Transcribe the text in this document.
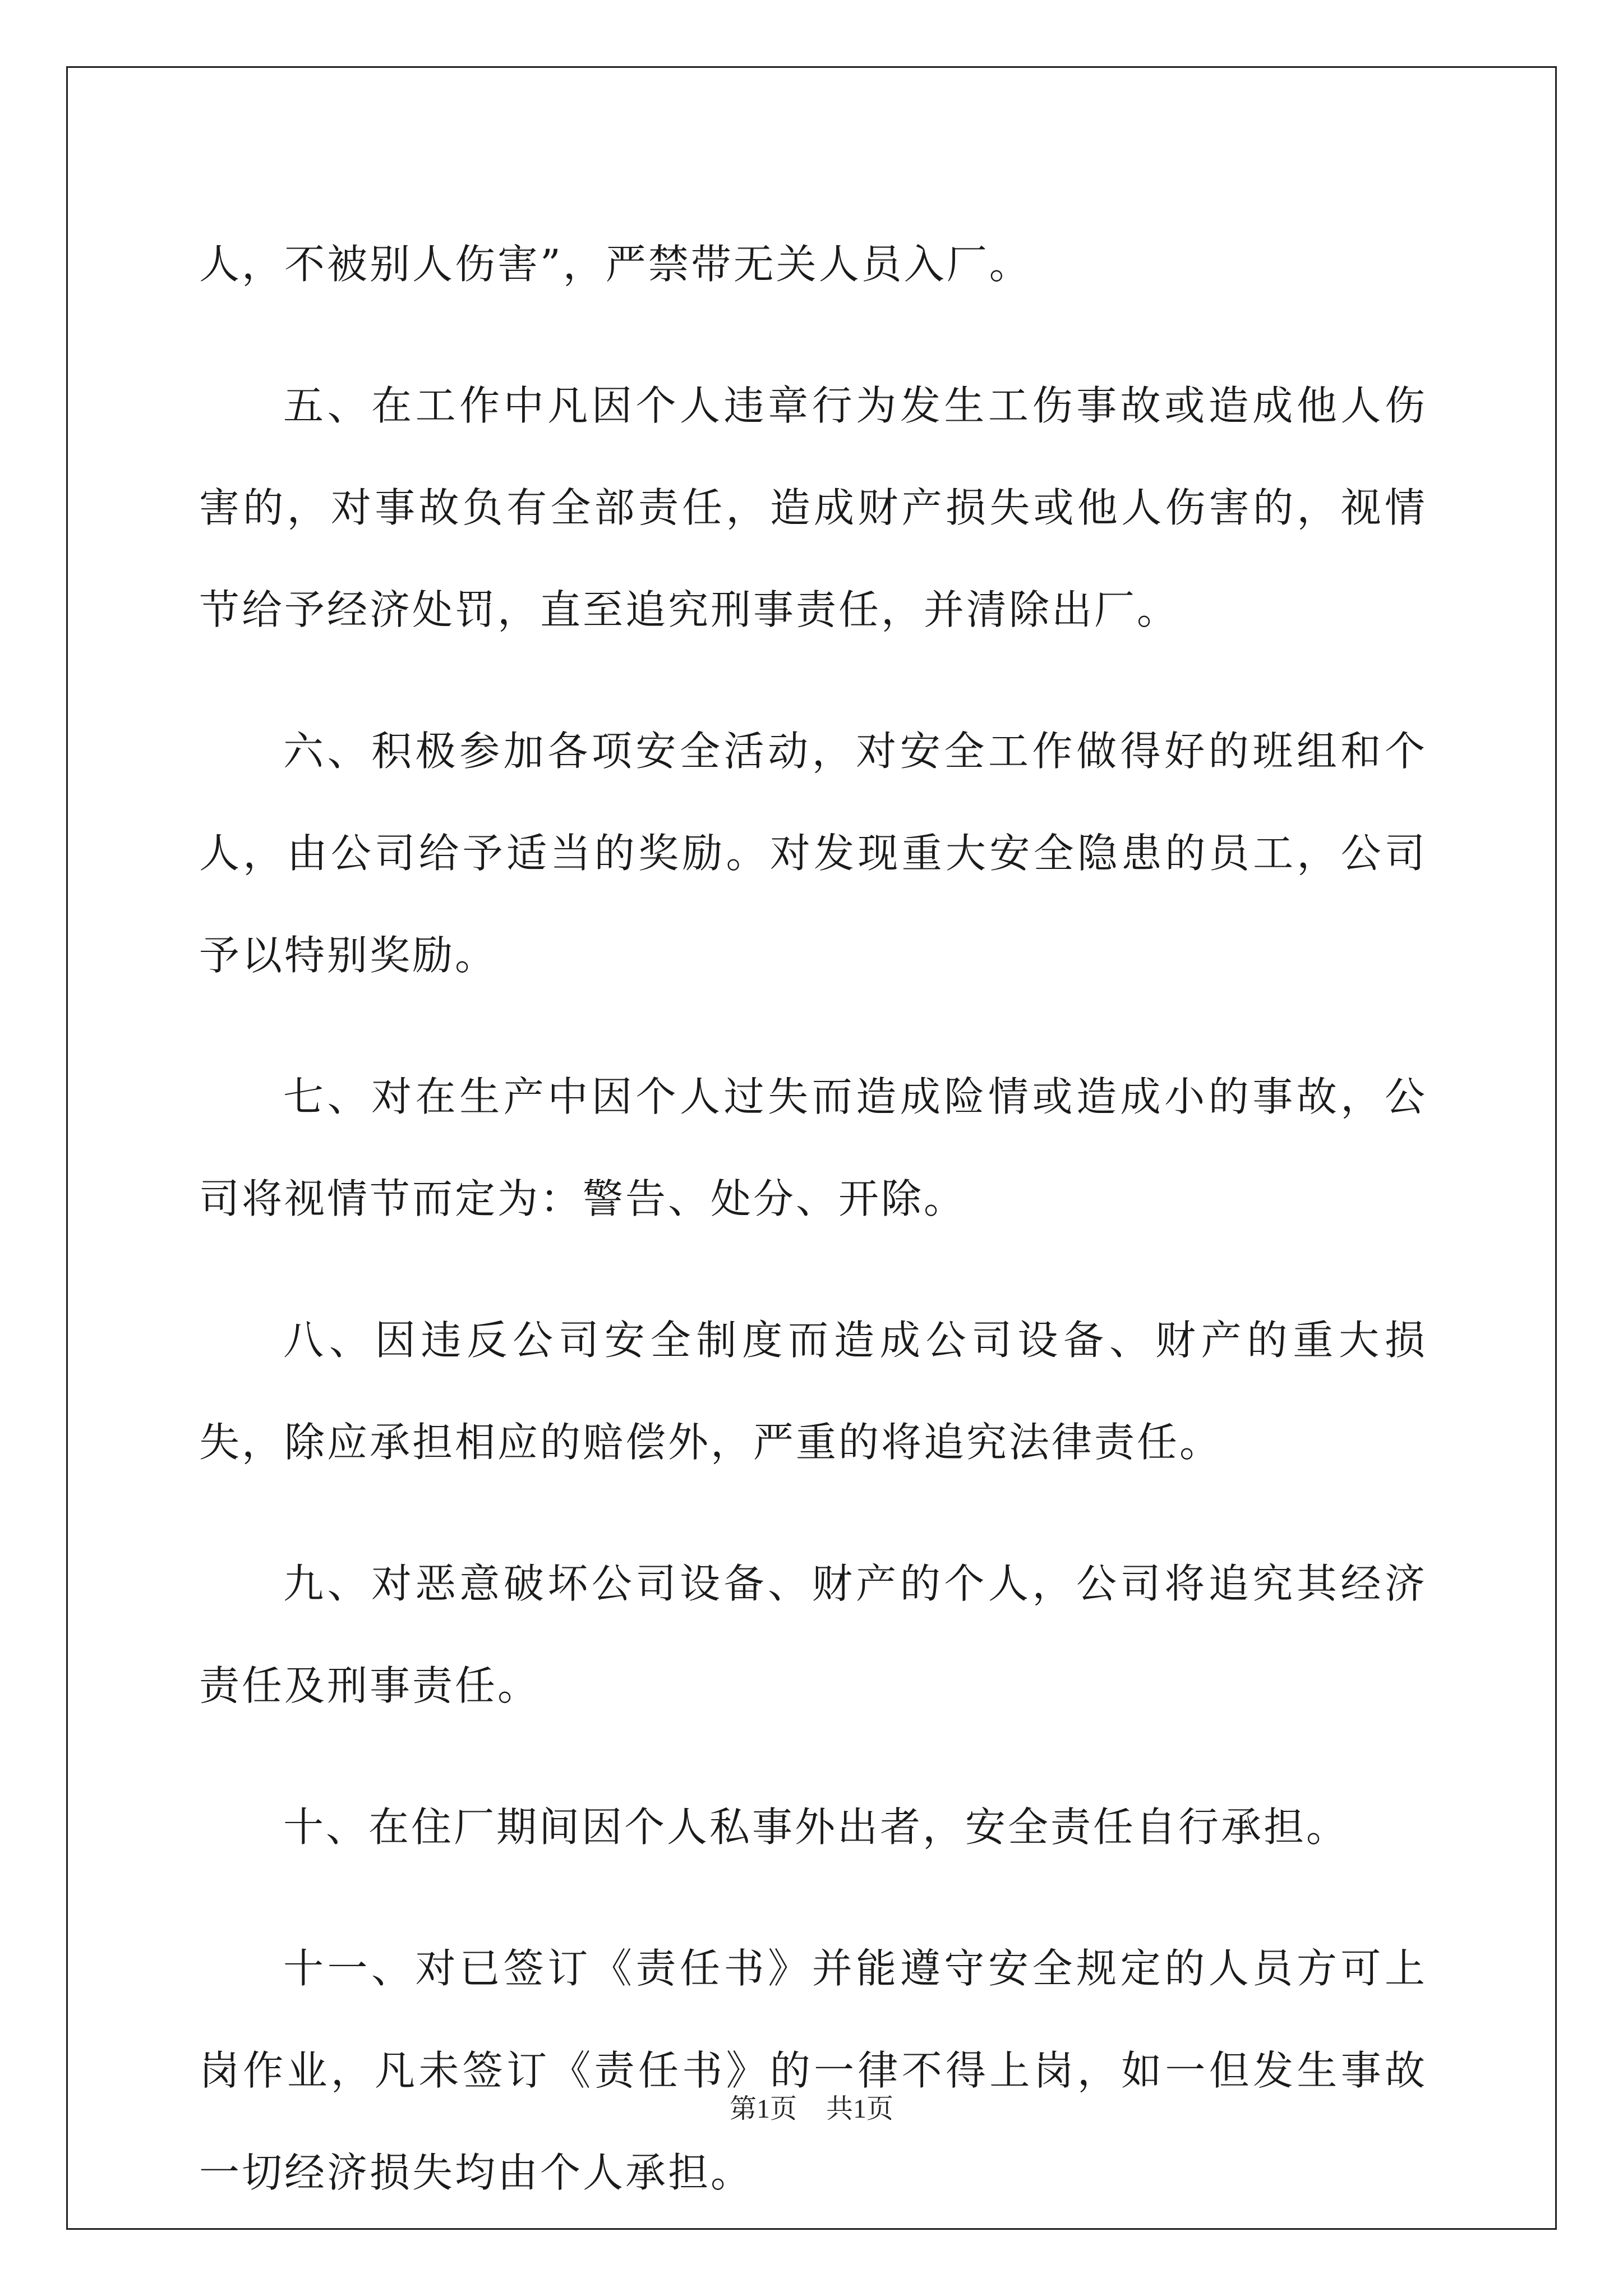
人，不被别人伤害”，严禁带无关人员入厂。

五、在工作中凡因个人违章行为发生工伤事故或造成他人伤害的，对事故负有全部责任，造成财产损失或他人伤害的，视情节给予经济处罚，直至追究刑事责任，并清除出厂。

六、积极参加各项安全活动，对安全工作做得好的班组和个人，由公司给予适当的奖励。对发现重大安全隐患的员工，公司予以特别奖励。

七、对在生产中因个人过失而造成险情或造成小的事故，公司将视情节而定为：警告、处分、开除。

八、因违反公司安全制度而造成公司设备、财产的重大损失，除应承担相应的赔偿外，严重的将追究法律责任。

九、对恶意破坏公司设备、财产的个人，公司将追究其经济责任及刑事责任。

十、在住厂期间因个人私事外出者，安全责任自行承担。

十一、对已签订《责任书》并能遵守安全规定的人员方可上岗作业，凡未签订《责任书》的一律不得上岗，如一但发生事故一切经济损失均由个人承担。

第1页 共1页
